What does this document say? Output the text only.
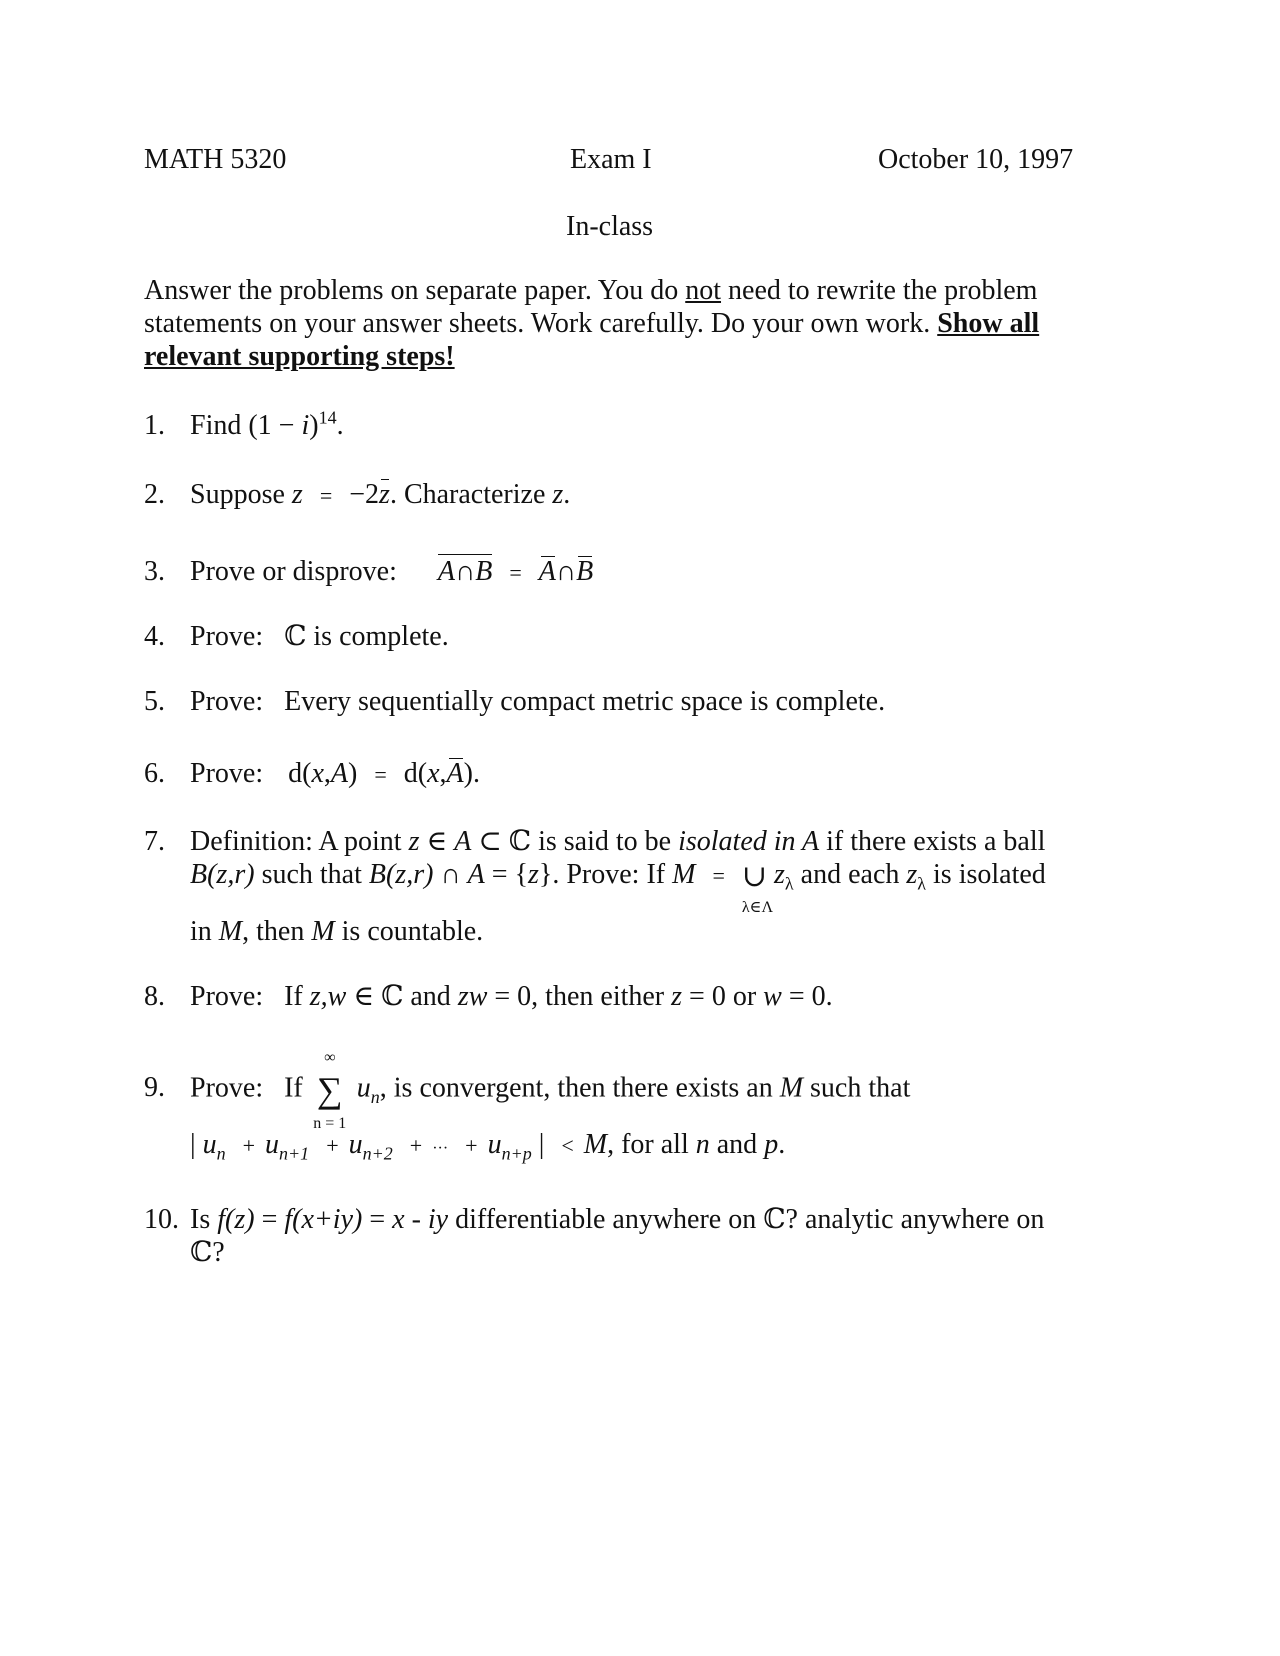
MATH 5320	Exam I	October 10, 1997
In-class
Answer the problems on separate paper. You do not need to rewrite the problem
statements on your answer sheets. Work carefully. Do your own work. Show all
relevant supporting steps!
1. Find $(1 - i)^{14}$.
2. Suppose z = −2z. Characterize z.
3. Prove or disprove: A∩B = A∩B
4. Prove: ℂ is complete.
5. Prove: Every sequentially compact metric space is complete.
6. Prove: d(x,A) = d(x,A).
7. Definition: A point z ∈ A ⊂ ℂ is said to be isolated in A if there exists a ball
B(z,r) such that B(z,r) ∩ A = {z}. Prove: If M = ∪
λ∈Λ
$z_\lambda$ and each $z_\lambda$ is isolated
in M, then M is countable.
8. Prove: If z,w ∈ ℂ and zw = 0, then either z = 0 or w = 0.
9. Prove: If
∞
∑
n = 1
$u_n$, is convergent, then there exists an M such that
| $u_n + u_{n+1} + u_{n+2}$ + ··· + $u_{n+p}$ | < M, for all n and p.
10. Is f(z) = f(x+iy) = x - iy differentiable anywhere on ℂ? analytic anywhere on
ℂ?
